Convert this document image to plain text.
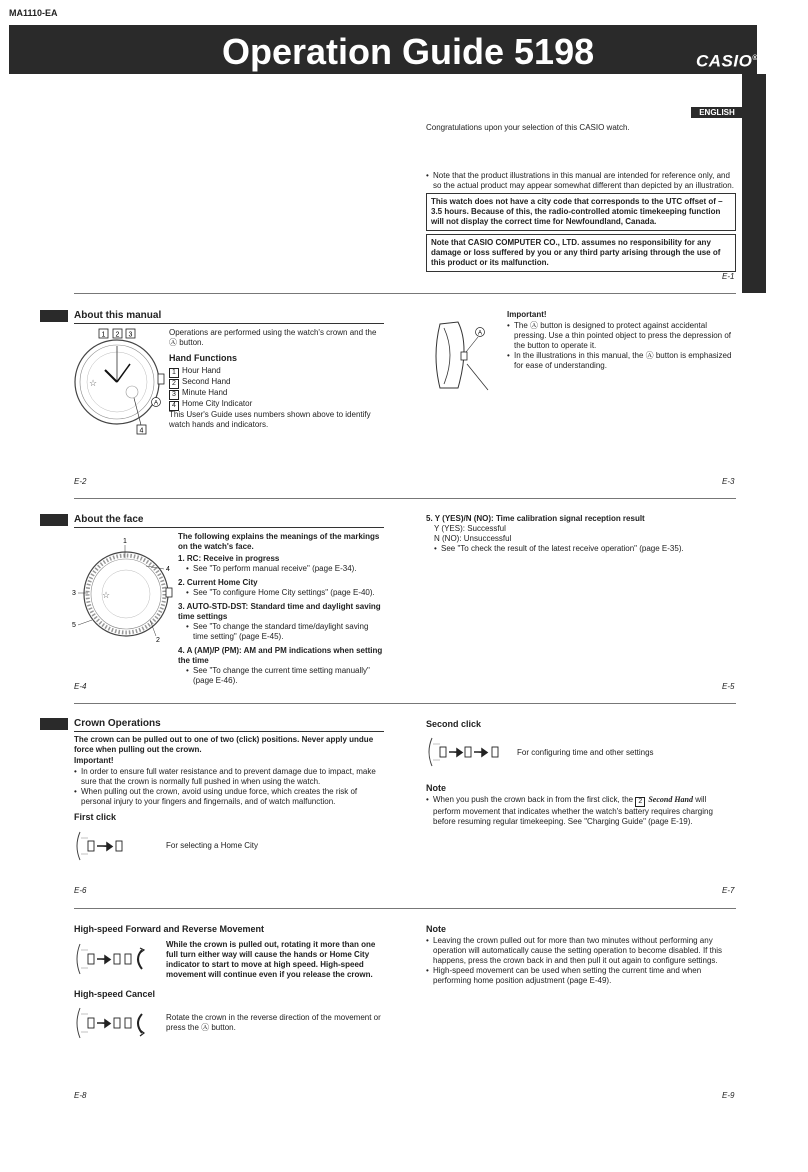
MA1110-EA
Operation Guide 5198	CASIO®
ENGLISH
Congratulations upon your selection of this CASIO watch.
• Note that the product illustrations in this manual are intended for reference only, and so the actual product may appear somewhat different than depicted by an illustration.
This watch does not have a city code that corresponds to the UTC offset of –3.5 hours. Because of this, the radio-controlled atomic timekeeping function will not display the correct time for Newfoundland, Canada.
Note that CASIO COMPUTER CO., LTD. assumes no responsibility for any damage or loss suffered by you or any third party arising through the use of this product or its malfunction.
E-1
About this manual
1 2 3
☆
A
4
Operations are performed using the watch's crown and the Ⓐ button.
Hand Functions
1 Hour Hand
2 Second Hand
3 Minute Hand
4 Home City Indicator
This User's Guide uses numbers shown above to identify watch hands and indicators.
E-2
A
Important!
• The Ⓐ button is designed to protect against accidental pressing. Use a thin pointed object to press the depression of the button to operate it.
• In the illustrations in this manual, the Ⓐ button is emphasized for ease of understanding.
E-3
About the face
☆
1
2
3
4
5
The following explains the meanings of the markings on the watch's face.
1. RC: Receive in progress
• See "To perform manual receive" (page E-34).
2. Current Home City
• See "To configure Home City settings" (page E-40).
3. AUTO-STD-DST: Standard time and daylight saving time settings
• See "To change the standard time/daylight saving time setting" (page E-45).
4. A (AM)/P (PM): AM and PM indications when setting the time
• See "To change the current time setting manually" (page E-46).
E-4
5. Y (YES)/N (NO): Time calibration signal reception result
Y (YES): Successful
N (NO): Unsuccessful
• See "To check the result of the latest receive operation" (page E-35).
E-5
Crown Operations
The crown can be pulled out to one of two (click) positions. Never apply undue force when pulling out the crown.
Important!
• In order to ensure full water resistance and to prevent damage due to impact, make sure that the crown is normally full pushed in when using the watch.
• When pulling out the crown, avoid using undue force, which creates the risk of personal injury to your fingers and fingernails, and of watch malfunction.
First click
For selecting a Home City
E-6
Second click
For configuring time and other settings
Note
• When you push the crown back in from the first click, the 2 Second Hand will perform movement that indicates whether the watch's battery requires charging before resuming regular timekeeping. See "Charging Guide" (page E-19).
E-7
High-speed Forward and Reverse Movement
While the crown is pulled out, rotating it more than one full turn either way will cause the hands or Home City indicator to start to move at high speed. High-speed movement will continue even if you release the crown.
High-speed Cancel
Rotate the crown in the reverse direction of the movement or press the Ⓐ button.
E-8
Note
• Leaving the crown pulled out for more than two minutes without performing any operation will automatically cause the setting operation to become disabled. If this happens, press the crown back in and then pull it out again to configure settings.
• High-speed movement can be used when setting the current time and when performing home position adjustment (page E-49).
E-9
